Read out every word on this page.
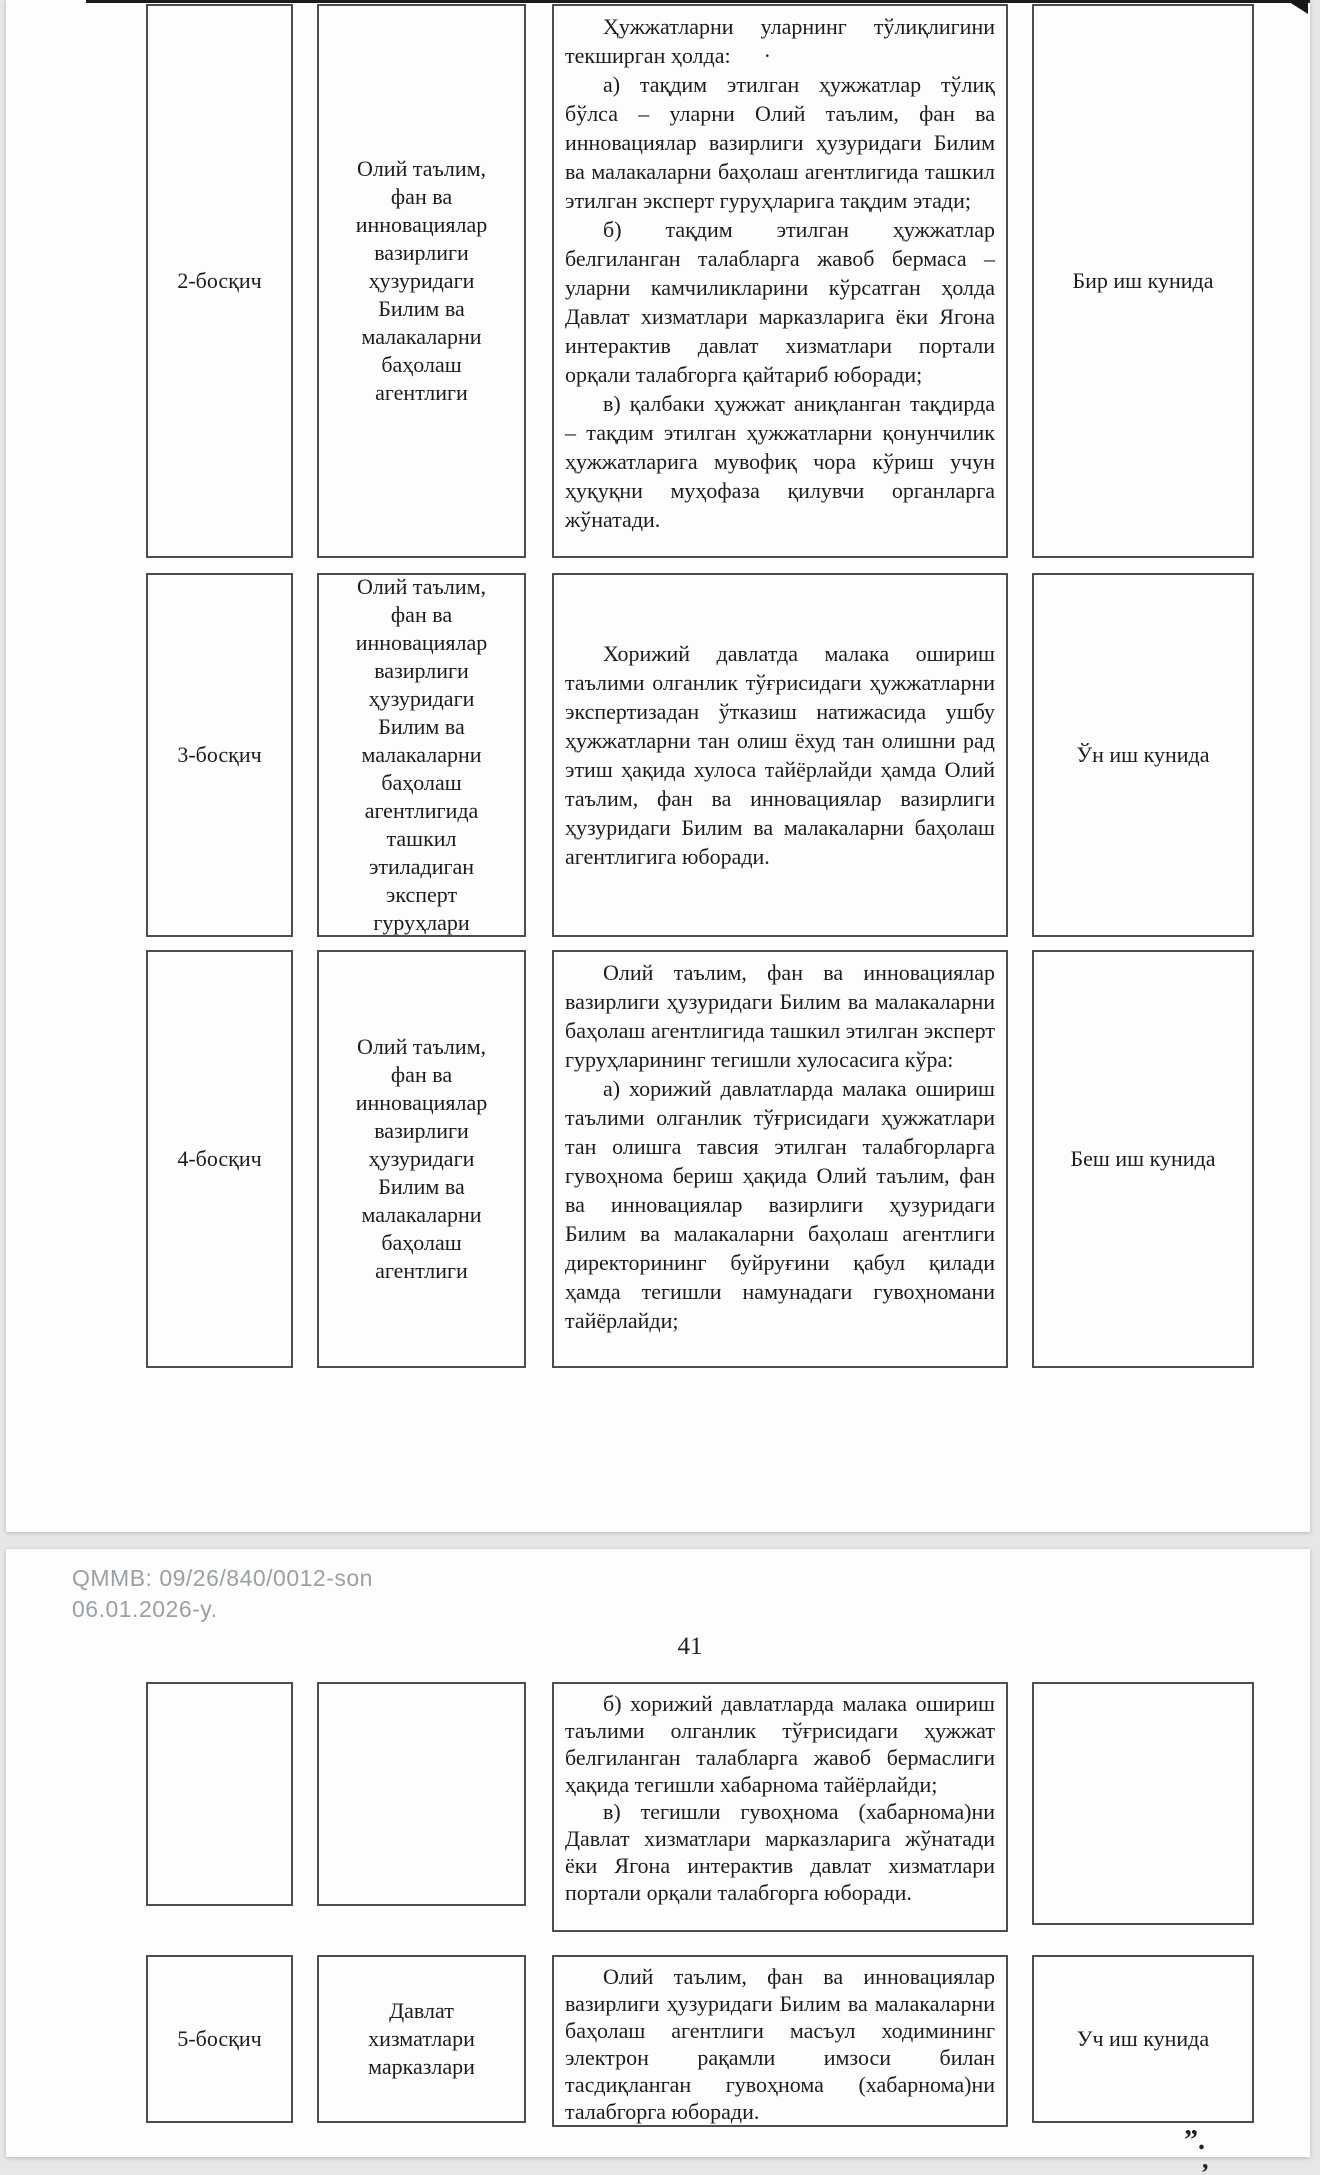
2-босқич
Олий таълим,
фан ва
инновациялар
вазирлиги
ҳузуридаги
Билим ва
малакаларни
баҳолаш
агентлиги

Ҳужжатларни уларнинг тўлиқлигини текширган ҳолда:      ·

а) тақдим этилган ҳужжатлар тўлиқ бўлса – уларни Олий таълим, фан ва инновациялар вазирлиги ҳузуридаги Билим ва малакаларни баҳолаш агентлигида ташкил этилган эксперт гуруҳларига тақдим этади;

б) тақдим этилган ҳужжатлар белгиланган талабларга жавоб бермаса – уларни камчиликларини кўрсатган ҳолда Давлат хизматлари марказларига ёки Ягона интерактив давлат хизматлари портали орқали талабгорга қайтариб юборади;

в) қалбаки ҳужжат аниқланган тақдирда – тақдим этилган ҳужжатларни қонунчилик ҳужжатларига мувофиқ чора кўриш учун ҳуқуқни муҳофаза қилувчи органларга жўнатади.

Бир иш кунида
3-босқич
Олий таълим,
фан ва
инновациялар
вазирлиги
ҳузуридаги
Билим ва
малакаларни
баҳолаш
агентлигида
ташкил
этиладиган
эксперт
гуруҳлари

Хорижий давлатда малака ошириш таълими олганлик тўғрисидаги ҳужжатларни экспертизадан ўтказиш натижасида ушбу ҳужжатларни тан олиш ёхуд тан олишни рад этиш ҳақида хулоса тайёрлайди ҳамда Олий таълим, фан ва инновациялар вазирлиги ҳузуридаги Билим ва малакаларни баҳолаш агентлигига юборади.

Ўн иш кунида
4-босқич
Олий таълим,
фан ва
инновациялар
вазирлиги
ҳузуридаги
Билим ва
малакаларни
баҳолаш
агентлиги

Олий таълим, фан ва инновациялар вазирлиги ҳузуридаги Билим ва малакаларни баҳолаш агентлигида ташкил этилган эксперт гуруҳларининг тегишли хулосасига кўра:

а) хорижий давлатларда малака ошириш таълими олганлик тўғрисидаги ҳужжатлари тан олишга тавсия этилган талабгорларга гувоҳнома бериш ҳақида Олий таълим, фан ва инновациялар вазирлиги ҳузуридаги Билим ва малакаларни баҳолаш агентлиги директорининг буйруғини қабул қилади ҳамда тегишли намунадаги гувоҳномани тайёрлайди;

Беш иш кунида
QMMB: 09/26/840/0012-son
06.01.2026-y.
41

б) хорижий давлатларда малака ошириш таълими олганлик тўғрисидаги ҳужжат белгиланган талабларга жавоб бермаслиги ҳақида тегишли хабарнома тайёрлайди;

в) тегишли гувоҳнома (хабарнома)ни Давлат хизматлари марказларига жўнатади ёки Ягона интерактив давлат хизматлари портали орқали талабгорга юборади.

5-босқич
Давлат
хизматлари
марказлари

Олий таълим, фан ва инновациялар вазирлиги ҳузуридаги Билим ва малакаларни баҳолаш агентлиги масъул ходимининг электрон рақамли имзоси билан тасдиқланган гувоҳнома (хабарнома)ни талабгорга юборади.

Уч иш кунида
”.
,
